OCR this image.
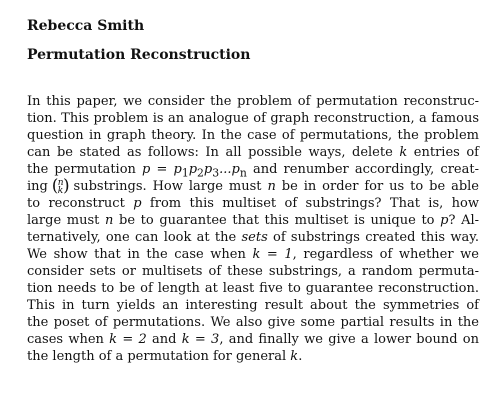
Rebecca Smith
Permutation Reconstruction
In this paper, we consider the problem of permutation reconstruc-
tion. This problem is an analogue of graph reconstruction, a famous
question in graph theory. In the case of permutations, the problem
can be stated as follows: In all possible ways, delete k entries of
the permutation $p = p_1p_2p_3...p_n$ and renumber accordingly, creat-
ing
( n
k )
substrings. How large must n be in order for us to be able
to reconstruct p from this multiset of substrings? That is, how
large must n be to guarantee that this multiset is unique to p? Al-
ternatively, one can look at the sets of substrings created this way.
We show that in the case when k = 1, regardless of whether we
consider sets or multisets of these substrings, a random permuta-
tion needs to be of length at least five to guarantee reconstruction.
This in turn yields an interesting result about the symmetries of
the poset of permutations. We also give some partial results in the
cases when k = 2 and k = 3, and finally we give a lower bound on
the length of a permutation for general k.
